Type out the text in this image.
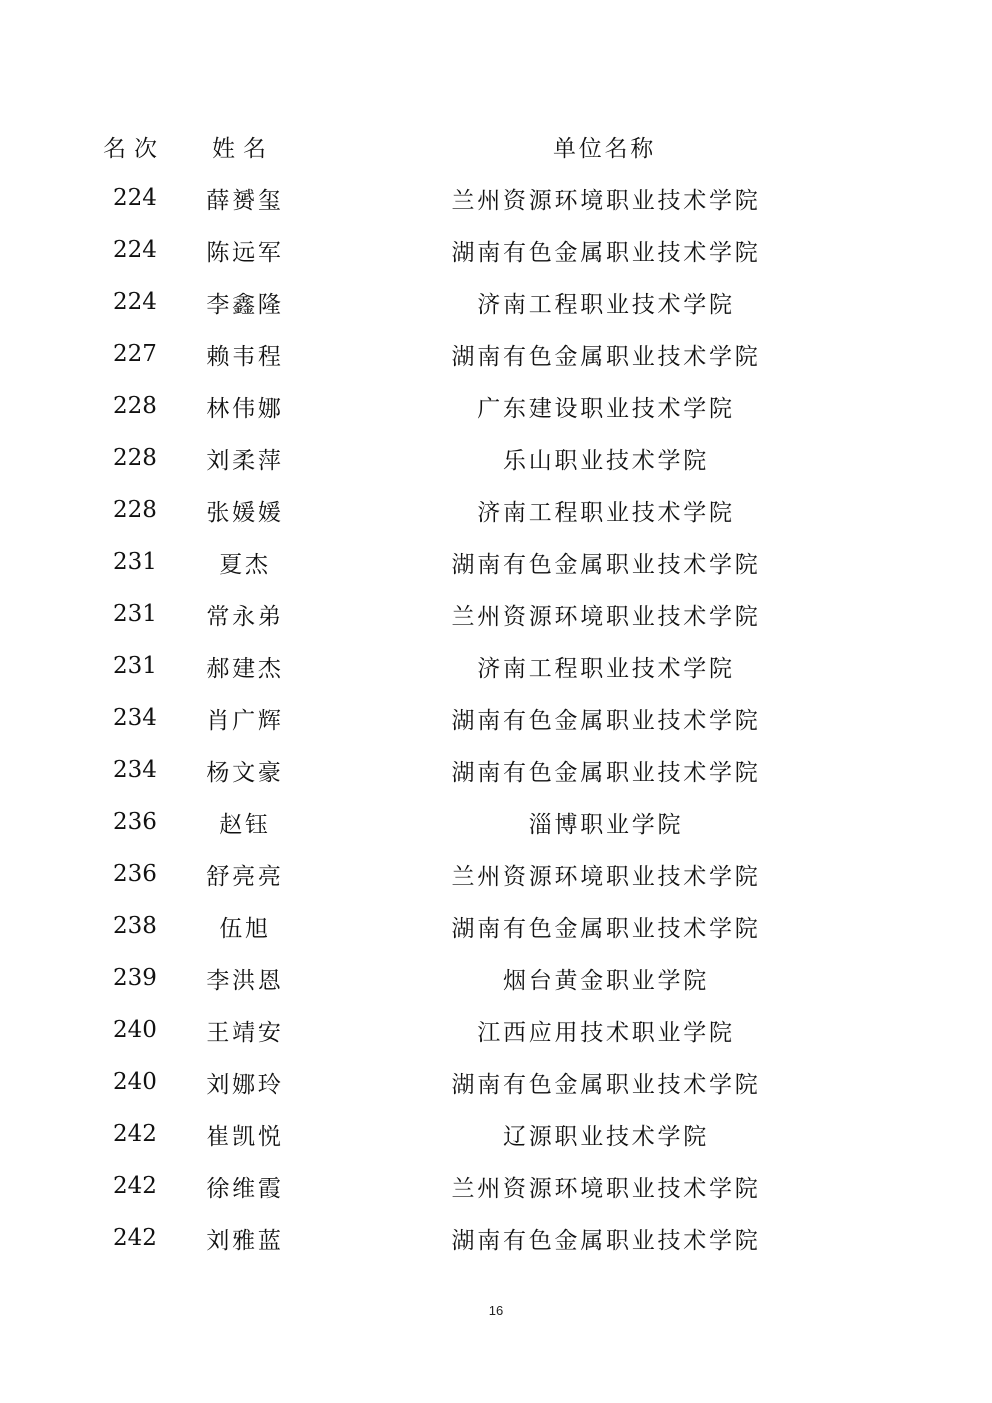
名次	姓名	单位名称
224	薛赟玺	兰州资源环境职业技术学院
224	陈远军	湖南有色金属职业技术学院
224	李鑫隆	济南工程职业技术学院
227	赖韦程	湖南有色金属职业技术学院
228	林伟娜	广东建设职业技术学院
228	刘柔萍	乐山职业技术学院
228	张媛媛	济南工程职业技术学院
231	夏杰	湖南有色金属职业技术学院
231	常永弟	兰州资源环境职业技术学院
231	郝建杰	济南工程职业技术学院
234	肖广辉	湖南有色金属职业技术学院
234	杨文豪	湖南有色金属职业技术学院
236	赵钰	淄博职业学院
236	舒亮亮	兰州资源环境职业技术学院
238	伍旭	湖南有色金属职业技术学院
239	李洪恩	烟台黄金职业学院
240	王靖安	江西应用技术职业学院
240	刘娜玲	湖南有色金属职业技术学院
242	崔凯悦	辽源职业技术学院
242	徐维霞	兰州资源环境职业技术学院
242	刘雅蓝	湖南有色金属职业技术学院
16
